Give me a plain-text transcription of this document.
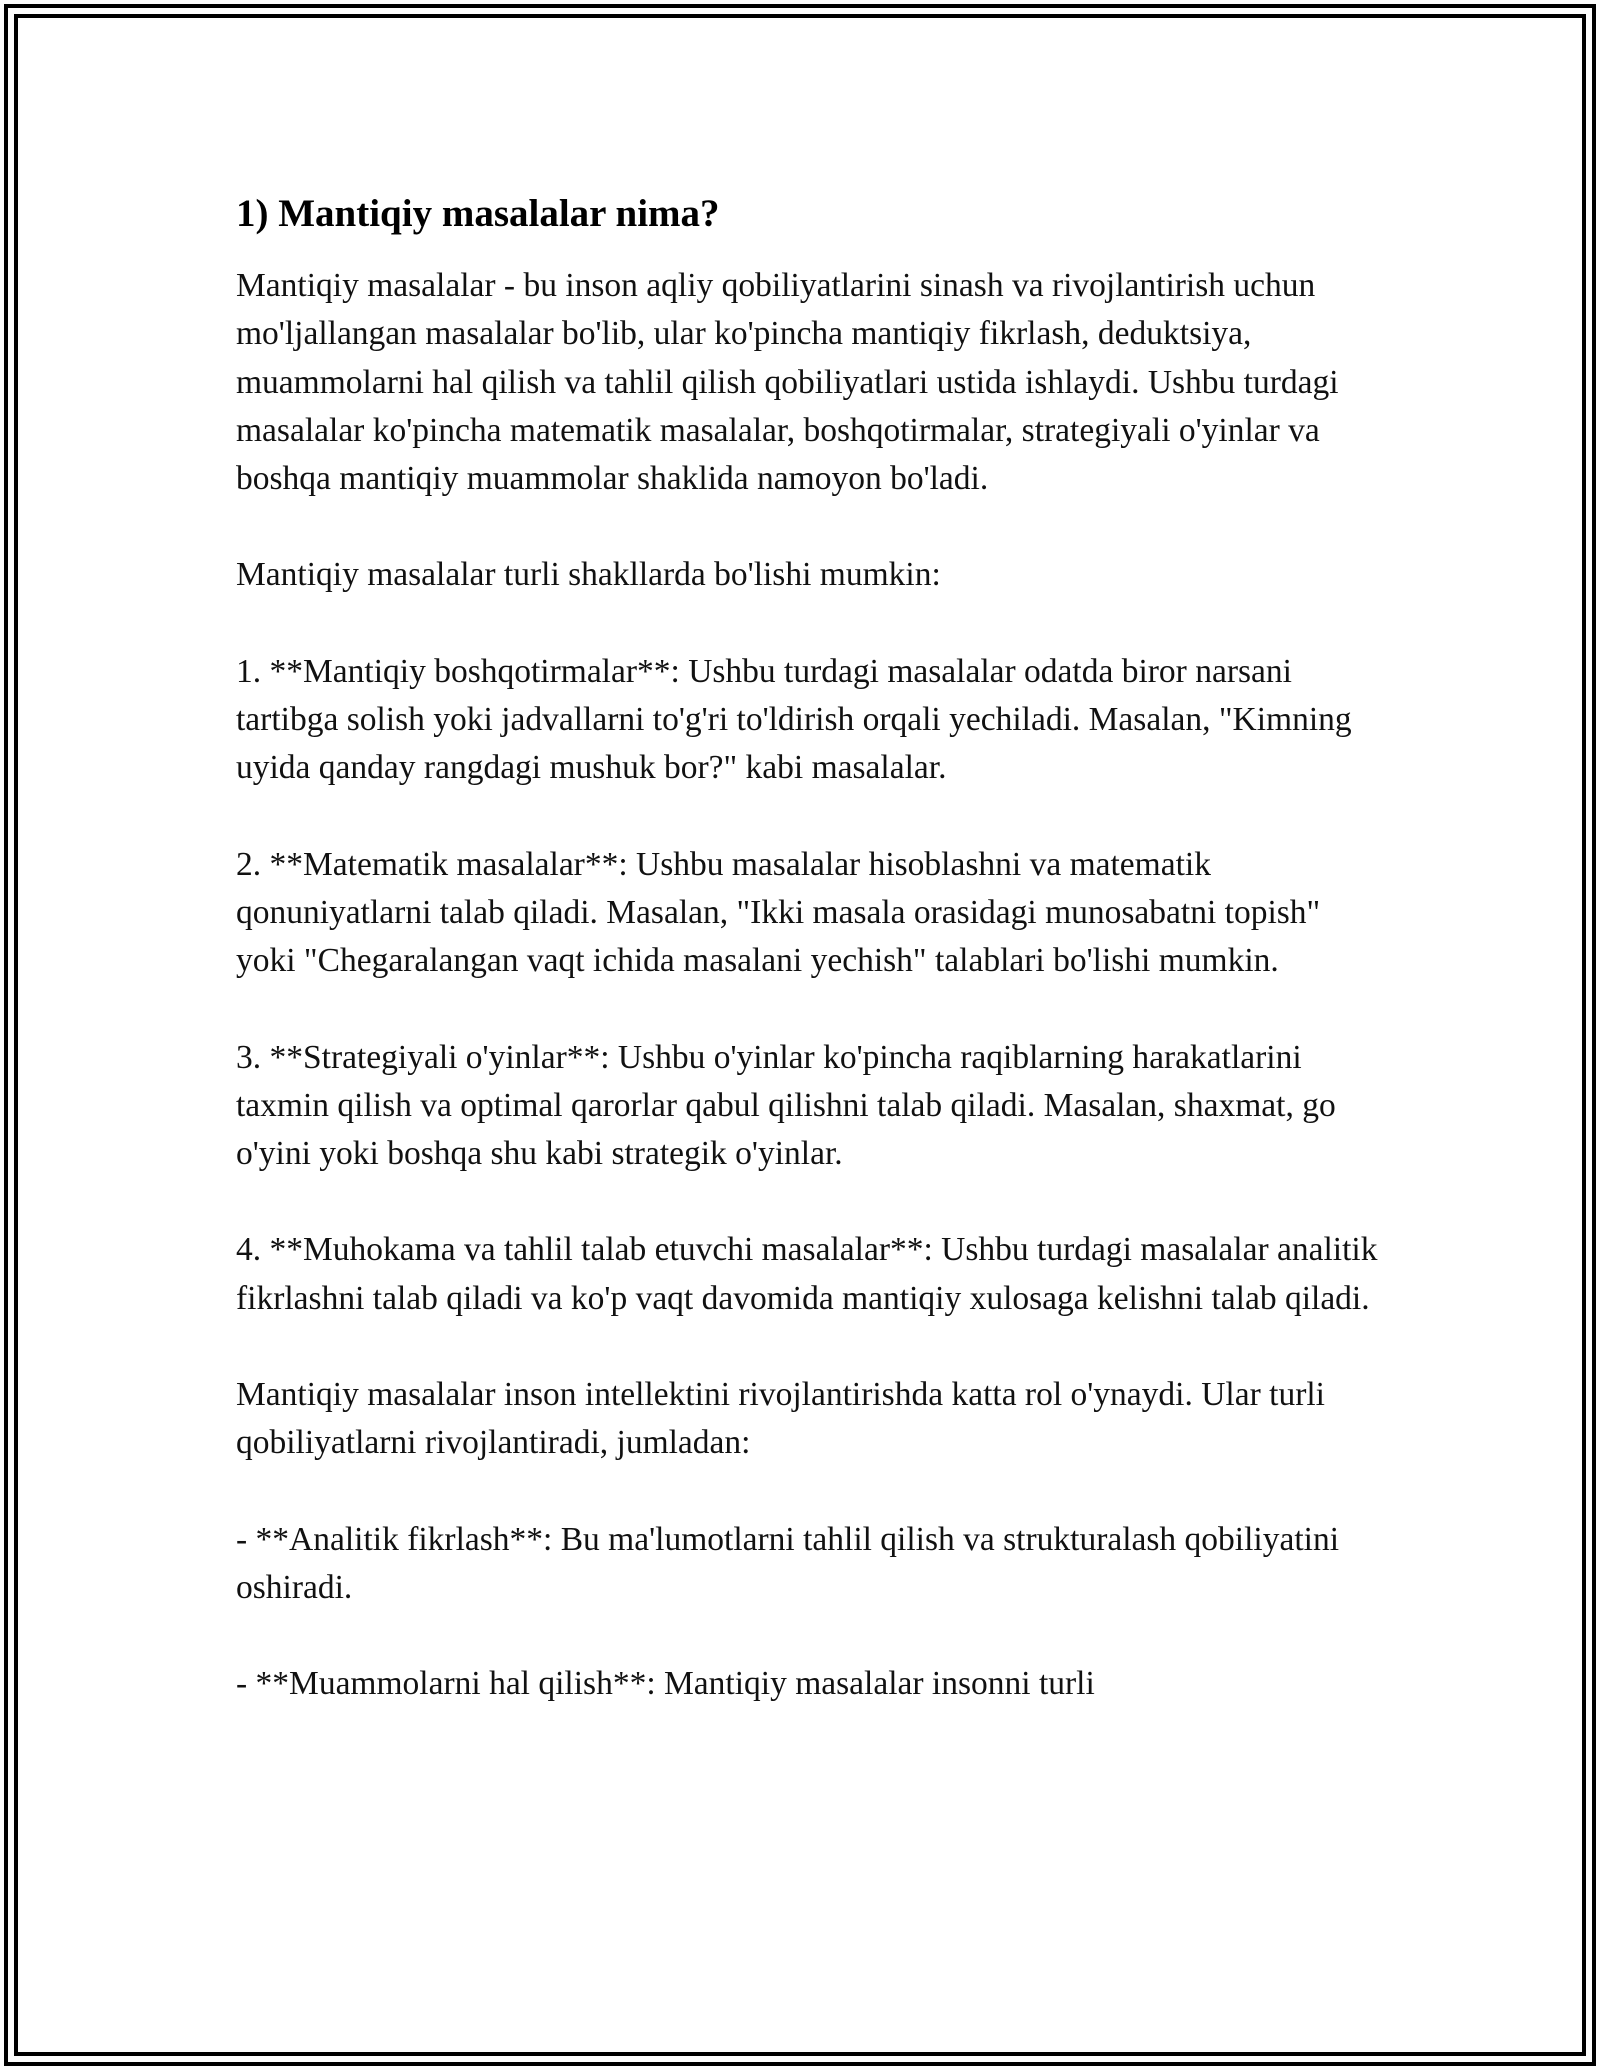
1) Mantiqiy masalalar nima?

Mantiqiy masalalar - bu inson aqliy qobiliyatlarini sinash va rivojlantirish uchun mo'ljallangan masalalar bo'lib, ular ko'pincha mantiqiy fikrlash, deduktsiya, muammolarni hal qilish va tahlil qilish qobiliyatlari ustida ishlaydi. Ushbu turdagi masalalar ko'pincha matematik masalalar, boshqotirmalar, strategiyali o'yinlar va boshqa mantiqiy muammolar shaklida namoyon bo'ladi.

Mantiqiy masalalar turli shakllarda bo'lishi mumkin:

1. **Mantiqiy boshqotirmalar**: Ushbu turdagi masalalar odatda biror narsani tartibga solish yoki jadvallarni to'g'ri to'ldirish orqali yechiladi. Masalan, "Kimning uyida qanday rangdagi mushuk bor?" kabi masalalar.

2. **Matematik masalalar**: Ushbu masalalar hisoblashni va matematik qonuniyatlarni talab qiladi. Masalan, "Ikki masala orasidagi munosabatni topish" yoki "Chegaralangan vaqt ichida masalani yechish" talablari bo'lishi mumkin.

3. **Strategiyali o'yinlar**: Ushbu o'yinlar ko'pincha raqiblarning harakatlarini taxmin qilish va optimal qarorlar qabul qilishni talab qiladi. Masalan, shaxmat, go o'yini yoki boshqa shu kabi strategik o'yinlar.

4. **Muhokama va tahlil talab etuvchi masalalar**: Ushbu turdagi masalalar analitik fikrlashni talab qiladi va ko'p vaqt davomida mantiqiy xulosaga kelishni talab qiladi.

Mantiqiy masalalar inson intellektini rivojlantirishda katta rol o'ynaydi. Ular turli qobiliyatlarni rivojlantiradi, jumladan:

- **Analitik fikrlash**: Bu ma'lumotlarni tahlil qilish va strukturalash qobiliyatini oshiradi.

- **Muammolarni hal qilish**: Mantiqiy masalalar insonni turli
